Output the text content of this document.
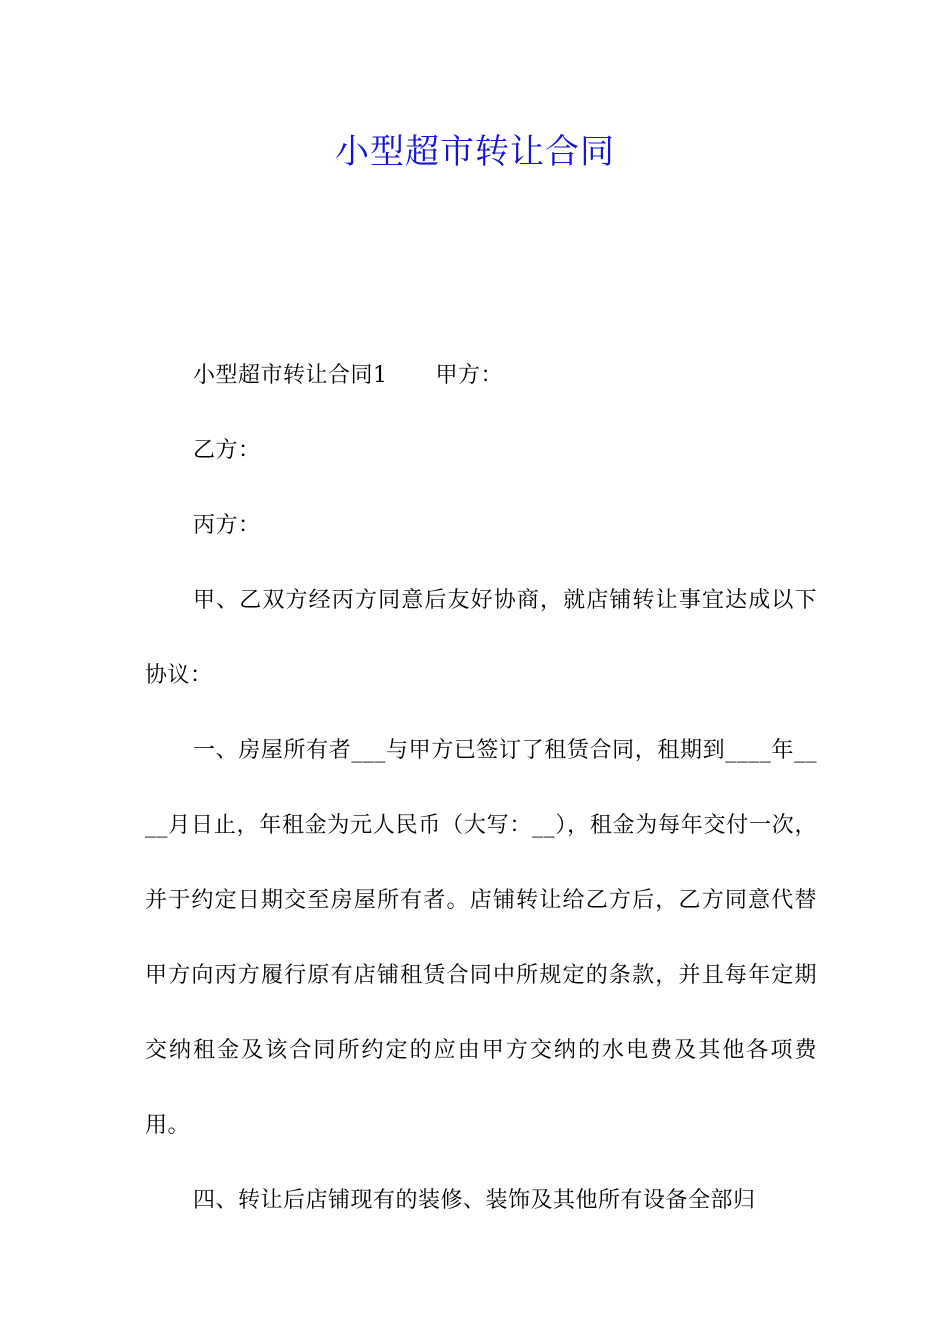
小型超市转让合同

小型超市转让合同1 甲方：

乙方：

丙方：

甲、乙双方经丙方同意后友好协商，就店铺转让事宜达成以下协议：

一、房屋所有者___与甲方已签订了租赁合同，租期到____年____月日止，年租金为元人民币（大写：__），租金为每年交付一次，并于约定日期交至房屋所有者。店铺转让给乙方后，乙方同意代替甲方向丙方履行原有店铺租赁合同中所规定的条款，并且每年定期交纳租金及该合同所约定的应由甲方交纳的水电费及其他各项费用。

四、转让后店铺现有的装修、装饰及其他所有设备全部归
